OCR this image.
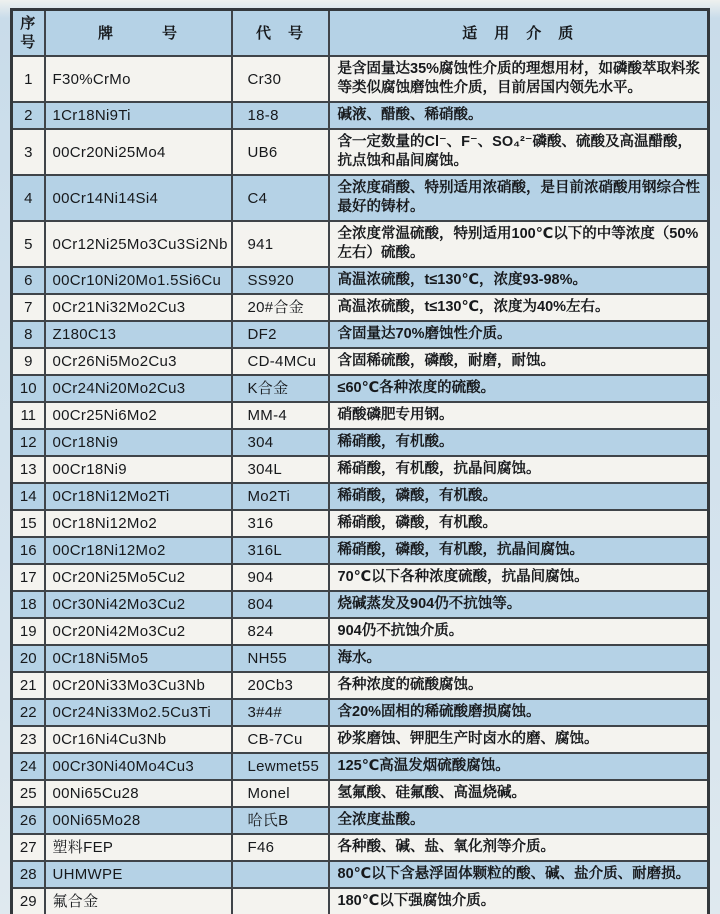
序号	牌　　　号	代　号	适　用　介　质
1	F30%CrMo	Cr30	是含固量达35%腐蚀性介质的理想用材，如磷酸萃取料浆等类似腐蚀磨蚀性介质，目前居国内领先水平。
2	1Cr18Ni9Ti	18-8	碱液、醋酸、稀硝酸。
3	00Cr20Ni25Mo4	UB6	含一定数量的Cl⁻、F⁻、SO₄²⁻磷酸、硫酸及高温醋酸，抗点蚀和晶间腐蚀。
4	00Cr14Ni14Si4	C4	全浓度硝酸、特别适用浓硝酸，是目前浓硝酸用钢综合性最好的铸材。
5	0Cr12Ni25Mo3Cu3Si2Nb	941	全浓度常温硫酸，特别适用100℃以下的中等浓度（50%左右）硫酸。
6	00Cr10Ni20Mo1.5Si6Cu	SS920	高温浓硫酸，t≤130℃，浓度93-98%。
7	0Cr21Ni32Mo2Cu3	20#合金	高温浓硫酸，t≤130℃，浓度为40%左右。
8	Z180C13	DF2	含固量达70%磨蚀性介质。
9	0Cr26Ni5Mo2Cu3	CD-4MCu	含固稀硫酸，磷酸，耐磨，耐蚀。
10	0Cr24Ni20Mo2Cu3	K合金	≤60℃各种浓度的硫酸。
11	00Cr25Ni6Mo2	MM-4	硝酸磷肥专用钢。
12	0Cr18Ni9	304	稀硝酸，有机酸。
13	00Cr18Ni9	304L	稀硝酸，有机酸，抗晶间腐蚀。
14	0Cr18Ni12Mo2Ti	Mo2Ti	稀硝酸，磷酸，有机酸。
15	0Cr18Ni12Mo2	316	稀硝酸，磷酸，有机酸。
16	00Cr18Ni12Mo2	316L	稀硝酸，磷酸，有机酸，抗晶间腐蚀。
17	0Cr20Ni25Mo5Cu2	904	70℃以下各种浓度硫酸，抗晶间腐蚀。
18	0Cr30Ni42Mo3Cu2	804	烧碱蒸发及904仍不抗蚀等。
19	0Cr20Ni42Mo3Cu2	824	904仍不抗蚀介质。
20	0Cr18Ni5Mo5	NH55	海水。
21	0Cr20Ni33Mo3Cu3Nb	20Cb3	各种浓度的硫酸腐蚀。
22	0Cr24Ni33Mo2.5Cu3Ti	3#4#	含20%固相的稀硫酸磨损腐蚀。
23	0Cr16Ni4Cu3Nb	CB-7Cu	砂浆磨蚀、钾肥生产时卤水的磨、腐蚀。
24	00Cr30Ni40Mo4Cu3	Lewmet55	125℃高温发烟硫酸腐蚀。
25	00Ni65Cu28	Monel	氢氟酸、硅氟酸、高温烧碱。
26	00Ni65Mo28	哈氏B	全浓度盐酸。
27	塑料FEP	F46	各种酸、碱、盐、氧化剂等介质。
28	UHMWPE		80℃以下含悬浮固体颗粒的酸、碱、盐介质、耐磨损。
29	氟合金		180℃以下强腐蚀介质。
